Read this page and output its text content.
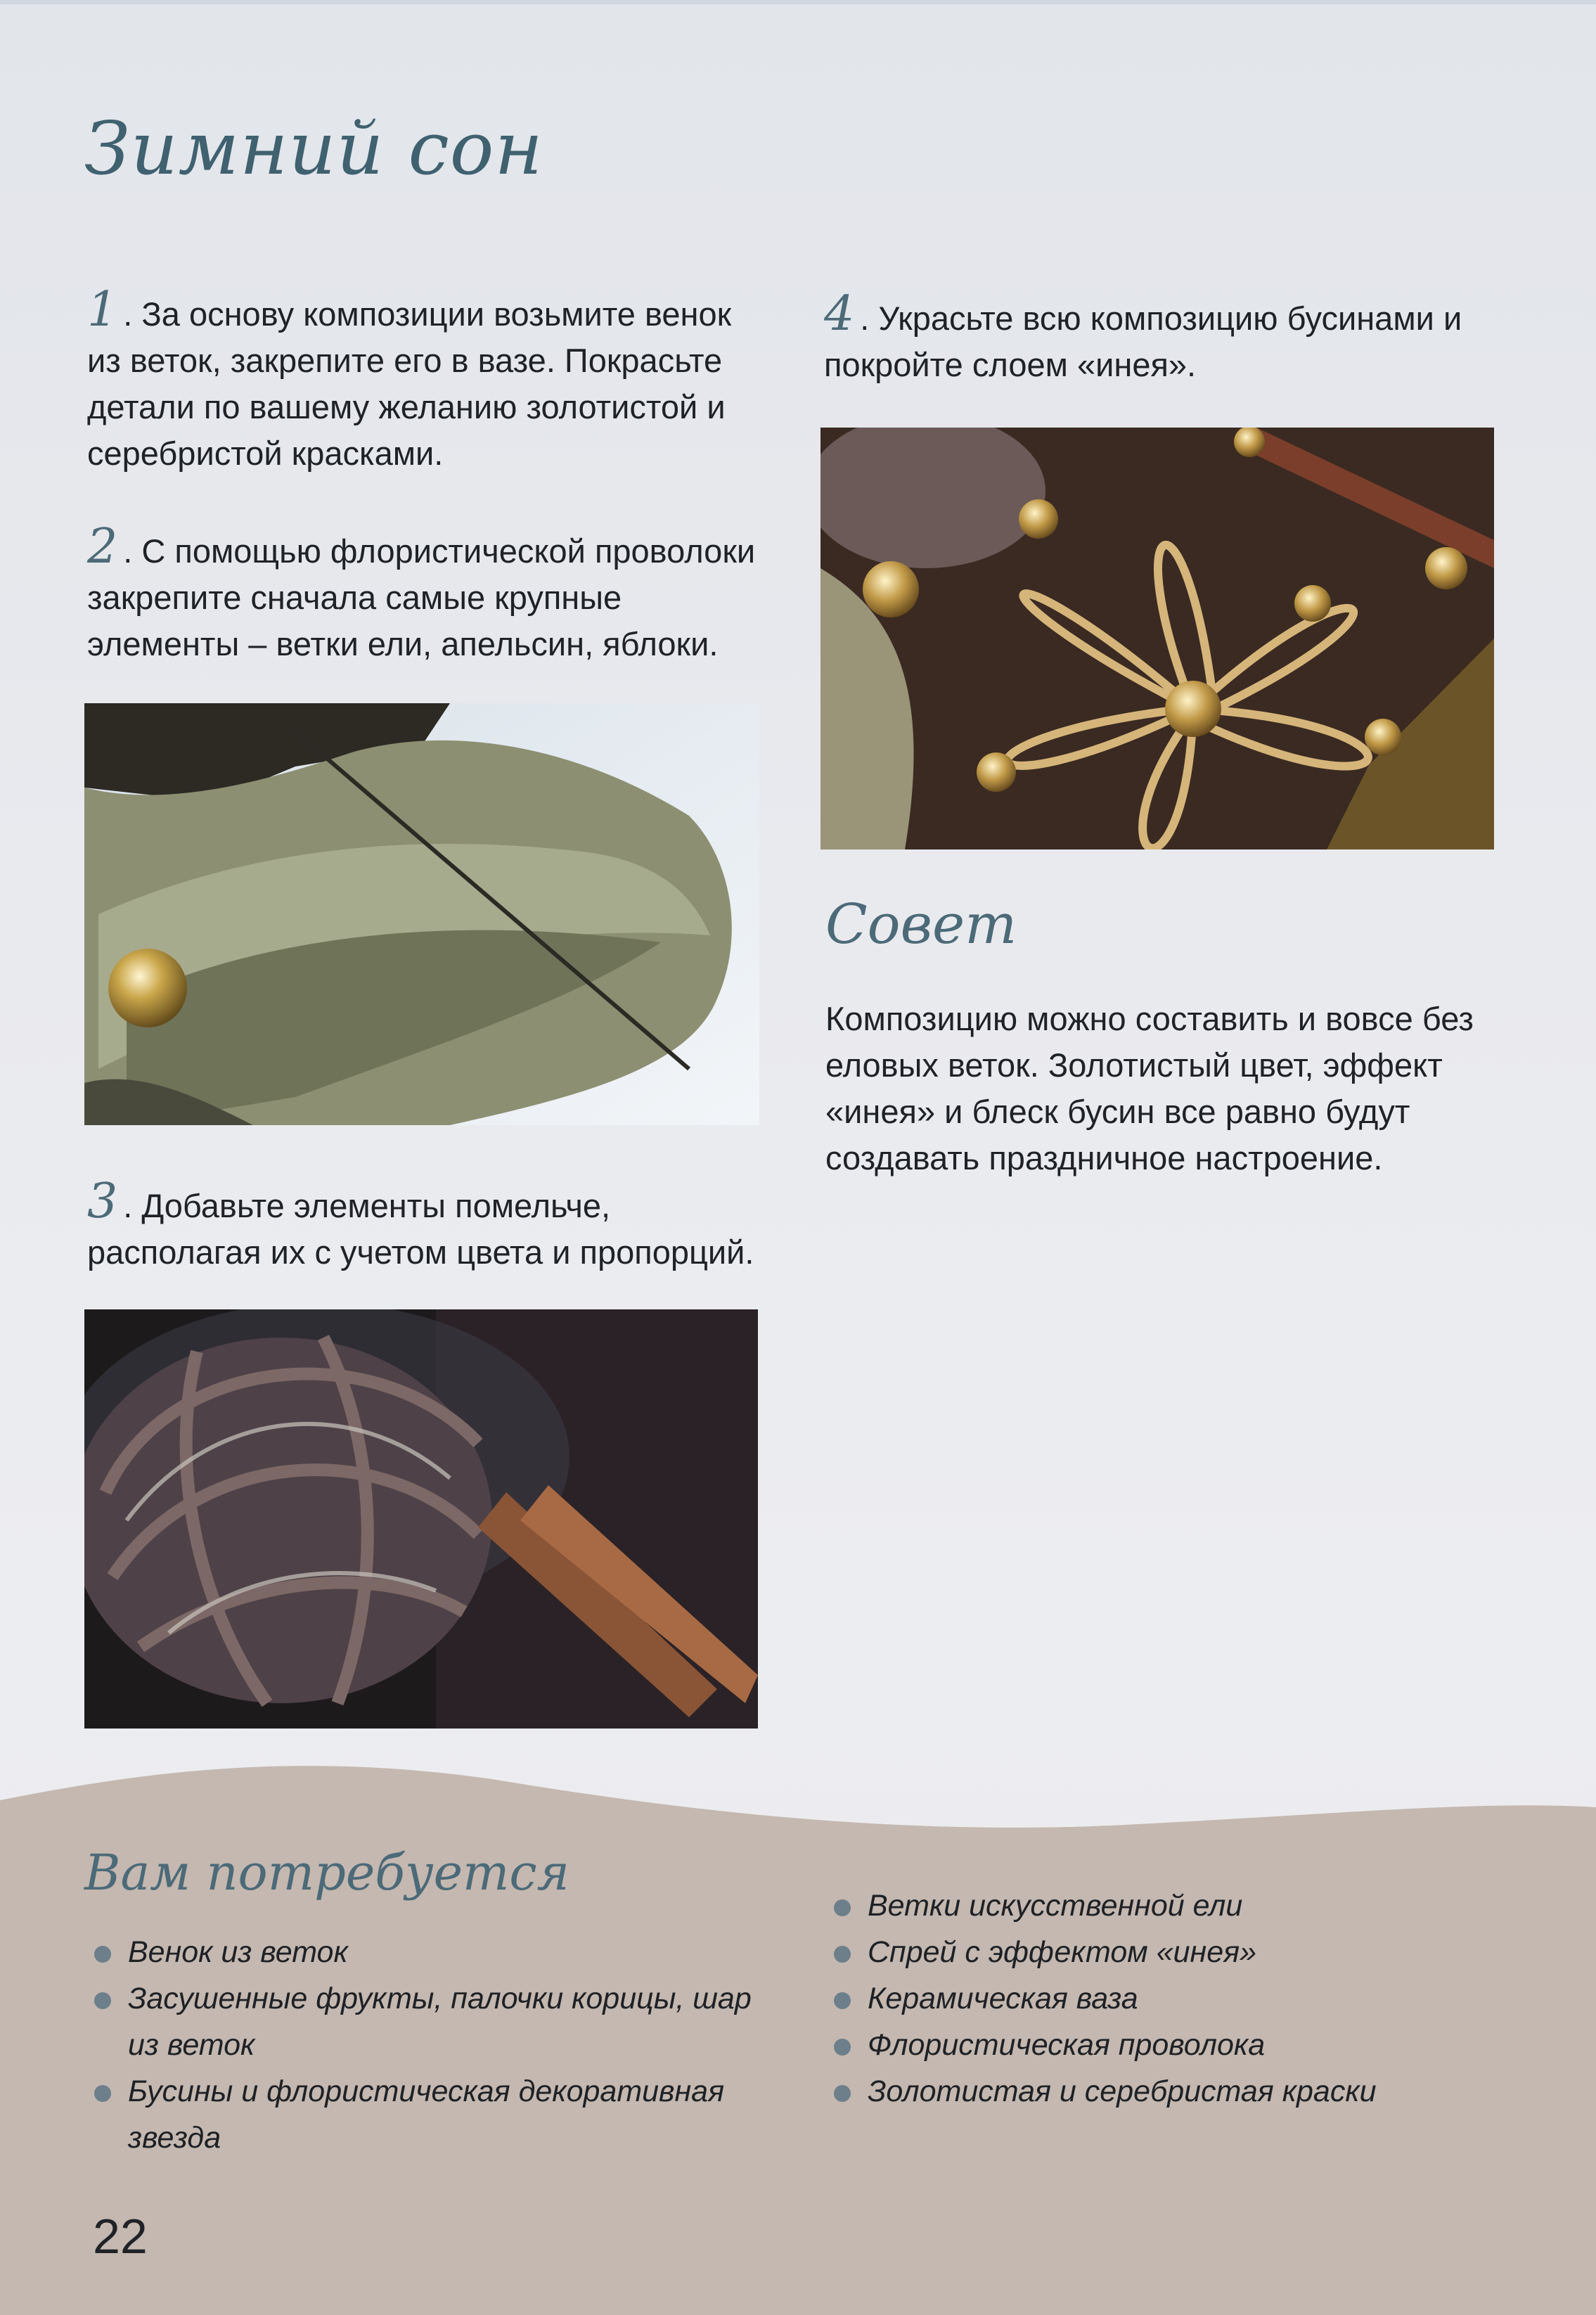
Зимний сон

1 . За основу композиции возьмите венок из веток, закрепите его в вазе. Покрасьте детали по вашему желанию золотистой и серебристой красками.

2 . С помощью флористической проволоки закрепите сначала самые крупные элементы – ветки ели, апельсин, яблоки.

3 . Добавьте элементы помельче, располагая их с учетом цвета и пропорций.

4 . Украсьте всю композицию бусинами и покройте слоем «инея».

Совет

Композицию можно составить и вовсе без еловых веток. Золотистый цвет, эффект «инея» и блеск бусин все равно будут создавать праздничное настроение.

Вам потребуется
Венок из веток
Засушенные фрукты, палочки корицы, шар из веток
Бусины и флористическая декоративная звезда
Ветки искусственной ели
Спрей с эффектом «инея»
Керамическая ваза
Флористическая проволока
Золотистая и серебристая краски

22
